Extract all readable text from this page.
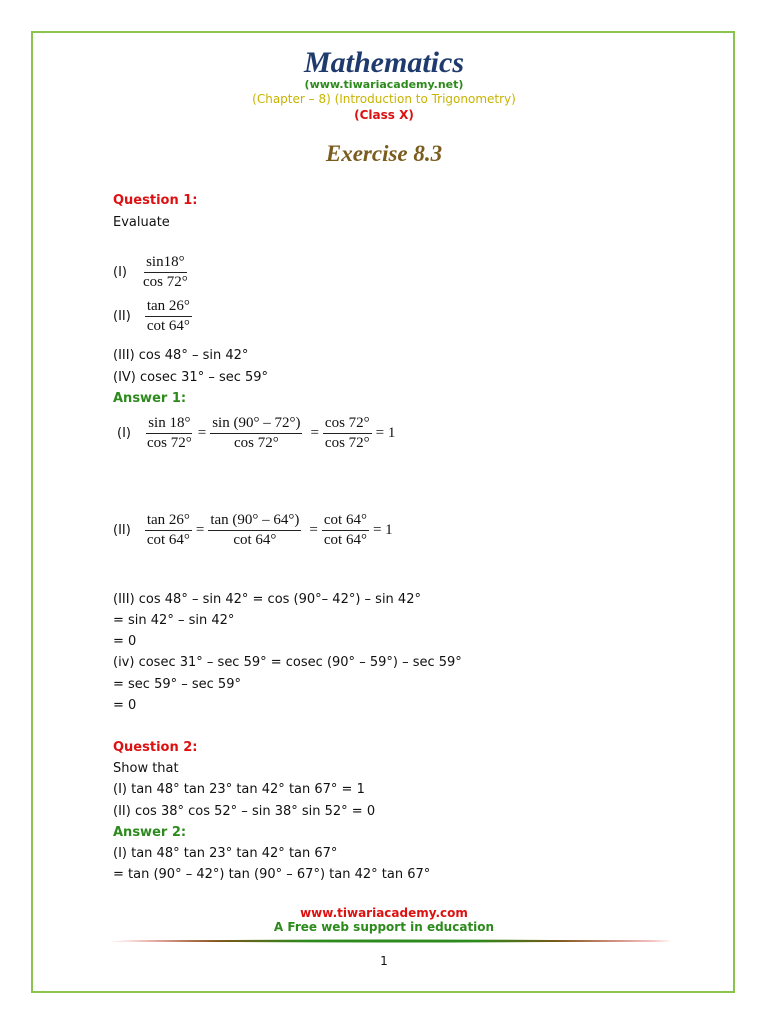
Mathematics
(www.tiwariacademy.net)
(Chapter – 8) (Introduction to Trigonometry)
(Class X)
Exercise 8.3
Question 1:
Evaluate
$(I) \frac{\sin 18^\circ}{\cos 72^\circ}$
$(II) \frac{\tan 26^\circ}{\cot 64^\circ}$
(III) cos 48° – sin 42°
(IV) cosec 31° – sec 59°
Answer 1:
$(I) \frac{\sin 18^\circ}{\cos 72^\circ} = \frac{\sin (90^\circ - 72^\circ)}{\cos 72^\circ} = \frac{\cos 72^\circ}{\cos 72^\circ} = 1$
$(II) \frac{\tan 26^\circ}{\cot 64^\circ} = \frac{\tan (90^\circ - 64^\circ)}{\cot 64^\circ} = \frac{\cot 64^\circ}{\cot 64^\circ} = 1$
(III) cos 48° – sin 42° = cos (90°– 42°) – sin 42°
= sin 42° – sin 42°
= 0
(iv) cosec 31° – sec 59° = cosec (90° – 59°) – sec 59°
= sec 59° – sec 59°
= 0
Question 2:
Show that
(I) tan 48° tan 23° tan 42° tan 67° = 1
(II) cos 38° cos 52° – sin 38° sin 52° = 0
Answer 2:
(I) tan 48° tan 23° tan 42° tan 67°
= tan (90° – 42°) tan (90° – 67°) tan 42° tan 67°
www.tiwariacademy.com
A Free web support in education
1
